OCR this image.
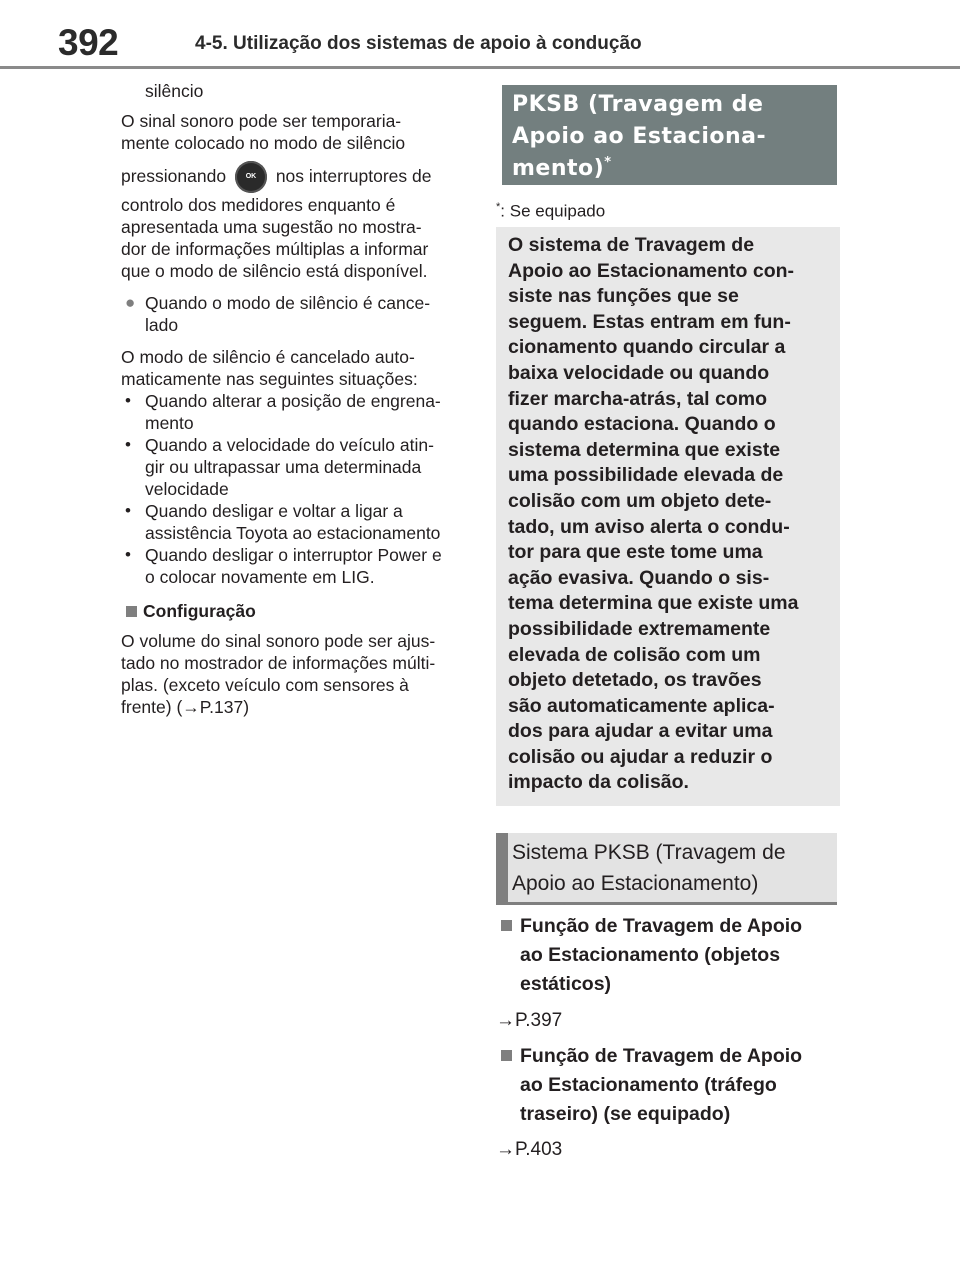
392	4-5. Utilização dos sistemas de apoio à condução

silêncio

O sinal sonoro pode ser temporaria-

mente colocado no modo de silêncio

pressionando	OK nos interruptores de

controlo dos medidores enquanto é

apresentada uma sugestão no mostra-

dor de informações múltiplas a informar

que o modo de silêncio está disponível.

● Quando o modo de silêncio é cance-

lado

O modo de silêncio é cancelado auto-

maticamente nas seguintes situações:

• Quando alterar a posição de engrena-

mento

• Quando a velocidade do veículo atin-

gir ou ultrapassar uma determinada

velocidade

• Quando desligar e voltar a ligar a

assistência Toyota ao estacionamento

• Quando desligar o interruptor Power e

o colocar novamente em LIG.

Configuração

O volume do sinal sonoro pode ser ajus-

tado no mostrador de informações múlti-

plas. (exceto veículo com sensores à

frente) (→P.137)

PKSB (Travagem de
Apoio ao Estaciona-
mento)*
*: Se equipado
O sistema de Travagem de
Apoio ao Estacionamento con-
siste nas funções que se
seguem. Estas entram em fun-
cionamento quando circular a
baixa velocidade ou quando
fizer marcha-atrás, tal como
quando estaciona. Quando o
sistema determina que existe
uma possibilidade elevada de
colisão com um objeto dete-
tado, um aviso alerta o condu-
tor para que este tome uma
ação evasiva. Quando o sis-
tema determina que existe uma
possibilidade extremamente
elevada de colisão com um
objeto detetado, os travões
são automaticamente aplica-
dos para ajudar a evitar uma
colisão ou ajudar a reduzir o
impacto da colisão.
Sistema PKSB (Travagem de
Apoio ao Estacionamento)
Função de Travagem de Apoio
ao Estacionamento (objetos
estáticos)
→P.397
Função de Travagem de Apoio
ao Estacionamento (tráfego
traseiro) (se equipado)
→P.403
